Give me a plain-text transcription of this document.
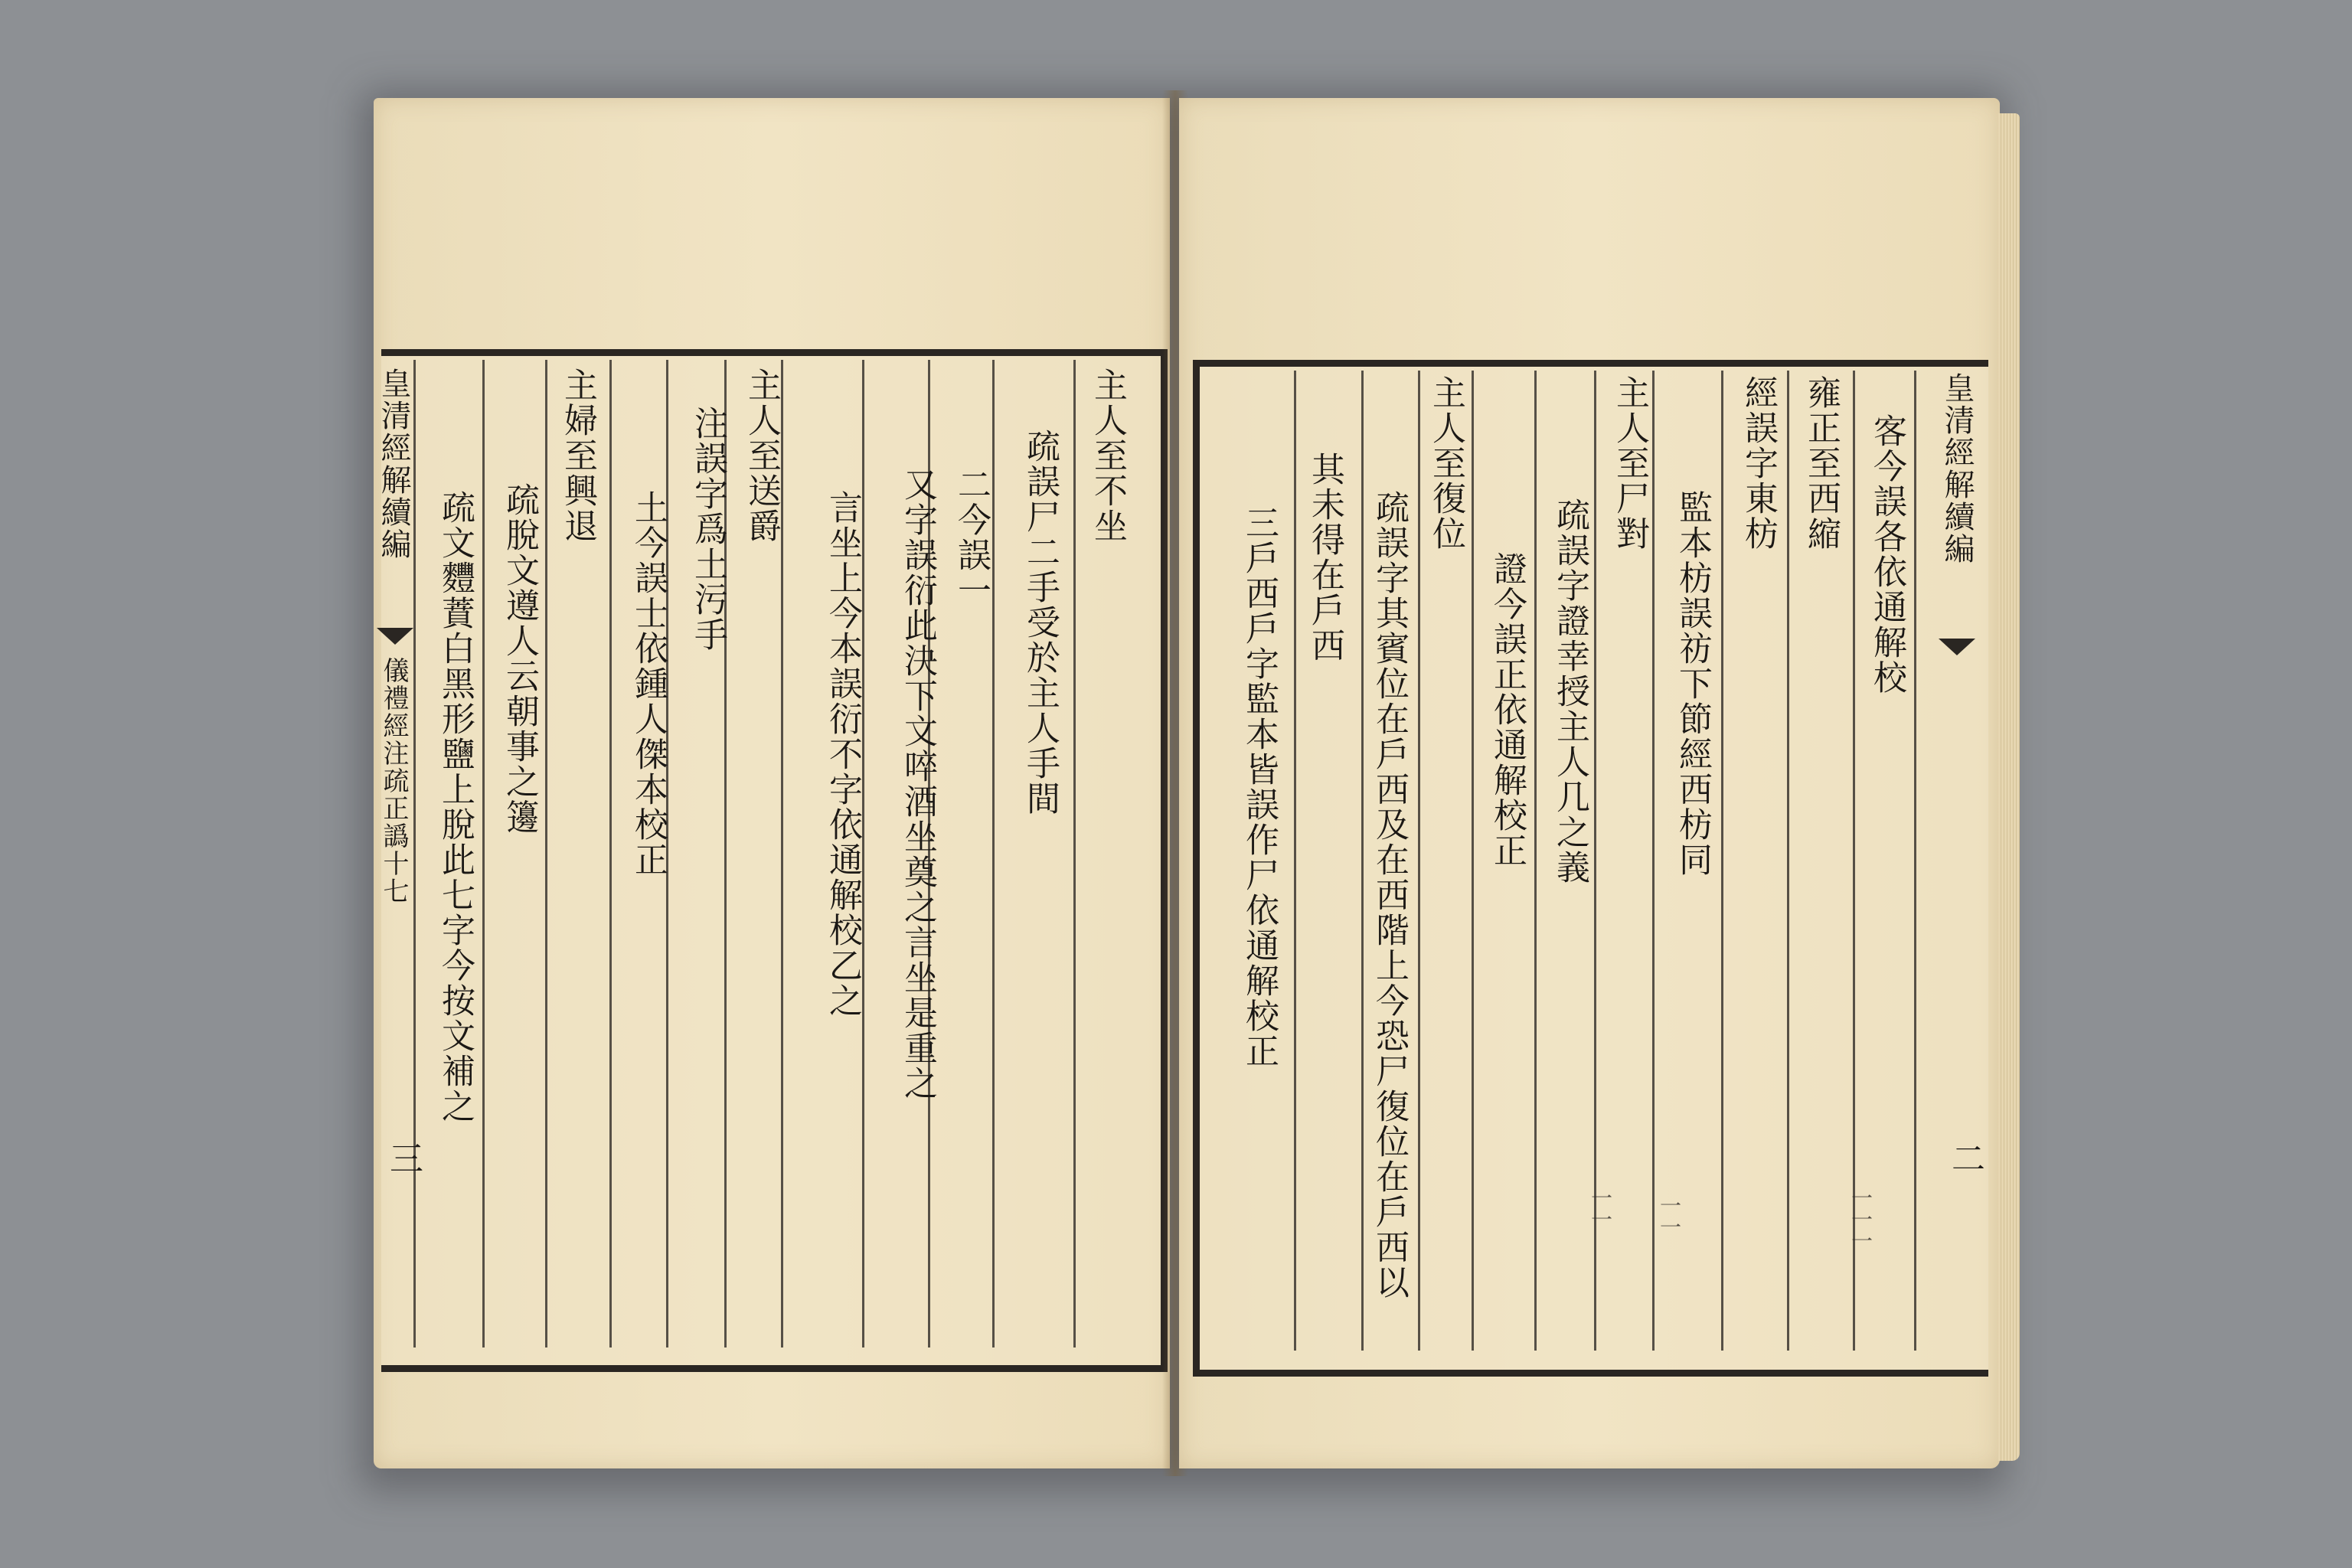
皇清經解續編
儀禮經注疏正譌十七
三
主人至不坐
疏誤尸二手受於主人手間
二今誤一
又字誤衍此決下文啐酒坐奠之言坐是重之
言坐上今本誤衍不字依通解校乙之
主人至送爵
注誤字爲土污手
土今誤士依鍾人傑本校正
主婦至興退
疏脫文遵人云朝事之籩
疏文麷蕡白黑形鹽上脫此七字今按文補之
皇清經解續編
二
客今誤各依通解校
雍正至西縮
經誤字東枋
監本枋誤祊下節經西枋同
主人至尸對
疏誤字證幸授主人几之義
證今誤正依通解校正
主人至復位
疏誤字其賓位在戶西及在西階上今恐尸復位在戶西以
其未得在戶西
三戶西戶字監本皆誤作尸依通解校正
一一 一一	一一一
